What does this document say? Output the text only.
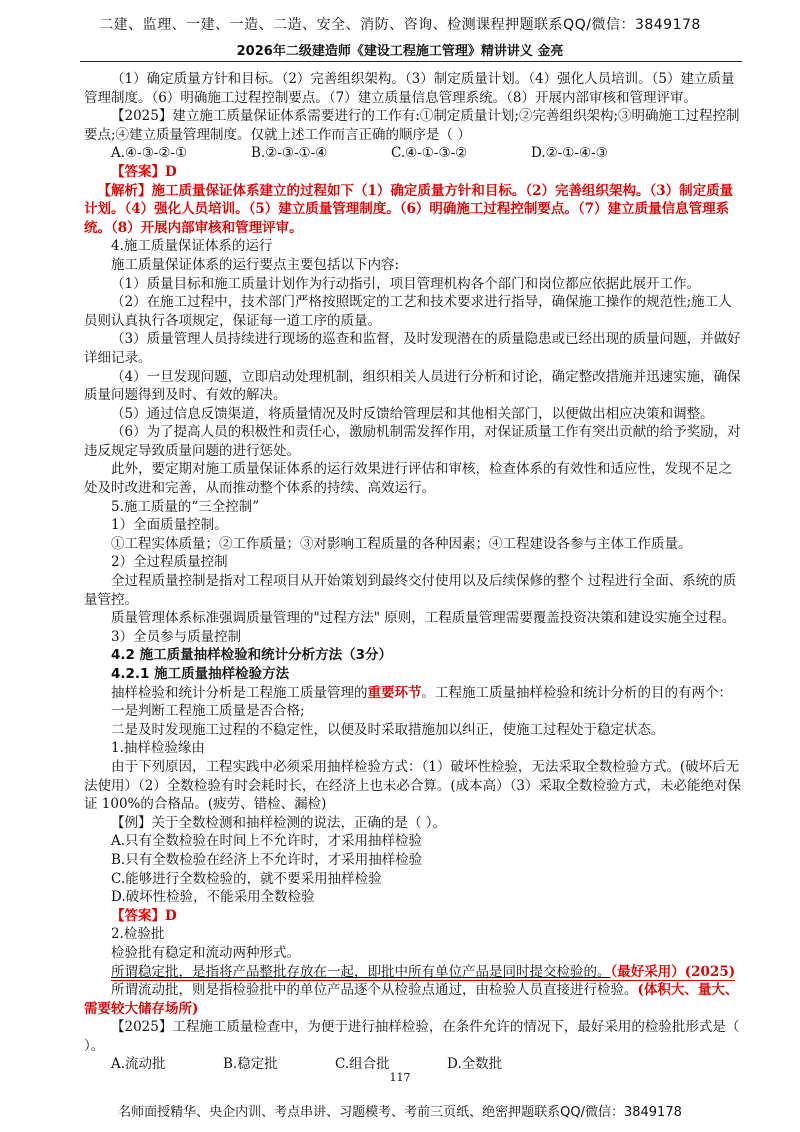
二建、监理、一建、一造、二造、安全、消防、咨询、检测课程押题联系QQ/微信：3849178
2026年二级建造师《建设工程施工管理》精讲讲义 金亮

（1）确定质量方针和目标。（2）完善组织架构。（3）制定质量计划。（4）强化人员培训。（5）建立质量管理制度。（6）明确施工过程控制要点。（7）建立质量信息管理系统。（8）开展内部审核和管理评审。

【2025】建立施工质量保证体系需要进行的工作有:①制定质量计划;②完善组织架构;③明确施工过程控制要点;④建立质量管理制度。仅就上述工作而言正确的顺序是（ ）

A.④-③-②-①	B.②-③-①-④	C.④-①-③-②	D.②-①-④-③

【答案】D

【解析】施工质量保证体系建立的过程如下（1）确定质量方针和目标。（2）完善组织架构。（3）制定质量计划。（4）强化人员培训。（5）建立质量管理制度。（6）明确施工过程控制要点。（7）建立质量信息管理系统。（8）开展内部审核和管理评审。

4.施工质量保证体系的运行

施工质量保证体系的运行要点主要包括以下内容:

（1）质量目标和施工质量计划作为行动指引，项目管理机构各个部门和岗位都应依据此展开工作。

（2）在施工过程中，技术部门严格按照既定的工艺和技术要求进行指导，确保施工操作的规范性;施工人员则认真执行各项规定，保证每一道工序的质量。

（3）质量管理人员持续进行现场的巡查和监督，及时发现潜在的质量隐患或已经出现的质量问题，并做好详细记录。

（4）一旦发现问题，立即启动处理机制，组织相关人员进行分析和讨论，确定整改措施并迅速实施，确保质量问题得到及时、有效的解决。

（5）通过信息反馈渠道，将质量情况及时反馈给管理层和其他相关部门，以便做出相应决策和调整。

（6）为了提高人员的积极性和责任心，激励机制需发挥作用，对保证质量工作有突出贡献的给予奖励，对违反规定导致质量问题的进行惩处。

此外，要定期对施工质量保证体系的运行效果进行评估和审核，检查体系的有效性和适应性，发现不足之处及时改进和完善，从而推动整个体系的持续、高效运行。

5.施工质量的“三全控制”

1）全面质量控制。

①工程实体质量；②工作质量；③对影响工程质量的各种因素；④工程建设各参与主体工作质量。

2）全过程质量控制

全过程质量控制是指对工程项目从开始策划到最终交付使用以及后续保修的整个 过程进行全面、系统的质量管控。

质量管理体系标准强调质量管理的"过程方法" 原则，工程质量管理需要覆盖投资决策和建设实施全过程。

3）全员参与质量控制

4.2 施工质量抽样检验和统计分析方法（3分）

4.2.1 施工质量抽样检验方法

抽样检验和统计分析是工程施工质量管理的重要环节。工程施工质量抽样检验和统计分析的目的有两个：

一是判断工程施工质量是否合格;

二是及时发现施工过程的不稳定性，以便及时采取措施加以纠正，使施工过程处于稳定状态。

1.抽样检验缘由

由于下列原因，工程实践中必须采用抽样检验方式：（1）破坏性检验，无法采取全数检验方式。(破坏后无法使用）（2）全数检验有时会耗时长，在经济上也未必合算。(成本高）（3）采取全数检验方式，未必能绝对保证 100%的合格品。(疲劳、错检、漏检)

【例】关于全数检测和抽样检测的说法，正确的是（ ）。

A.只有全数检验在时间上不允许时，才采用抽样检验

B.只有全数检验在经济上不允许时，才采用抽样检验

C.能够进行全数检验的，就不要采用抽样检验

D.破坏性检验，不能采用全数检验

【答案】D

2.检验批

检验批有稳定和流动两种形式。

所谓稳定批，是指将产品整批存放在一起，即批中所有单位产品是同时提交检验的。（最好采用）(2025)

所谓流动批，则是指检验批中的单位产品逐个从检验点通过，由检验人员直接进行检验。(体积大、量大、需要较大储存场所)

【2025】工程施工质量检查中，为便于进行抽样检验，在条件允许的情况下，最好采用的检验批形式是（ ）。

A.流动批	B.稳定批	C.组合批	D.全数批
117
名师面授精华、央企内训、考点串讲、习题模考、考前三页纸、绝密押题联系QQ/微信：3849178
